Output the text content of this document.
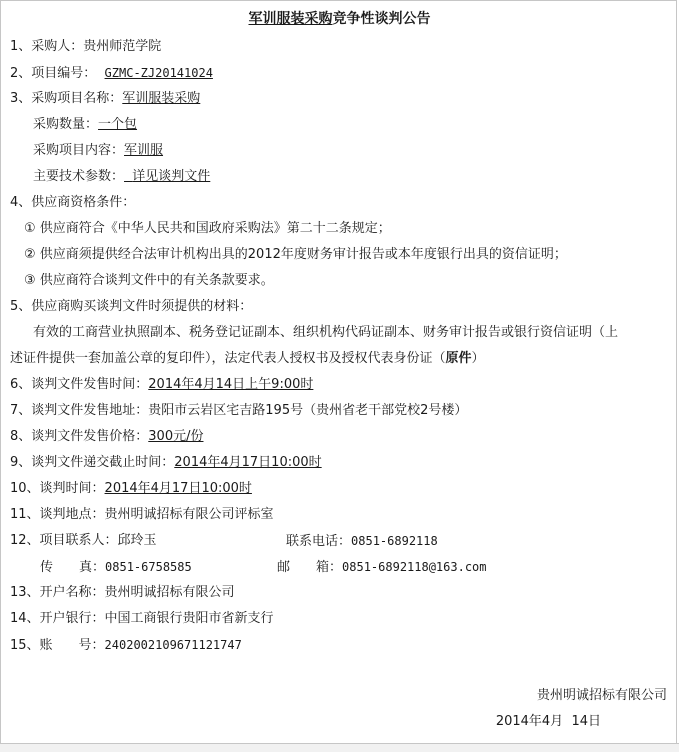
军训服装采购竞争性谈判公告
1、采购人：贵州师范学院
2、项目编号： GZMC-ZJ20141024
3、采购项目名称：军训服装采购
采购数量：一个包
采购项目内容：军训服
主要技术参数： 详见谈判文件
4、供应商资格条件：
① 供应商符合《中华人民共和国政府采购法》第二十二条规定；
② 供应商须提供经合法审计机构出具的2012年度财务审计报告或本年度银行出具的资信证明；
③ 供应商符合谈判文件中的有关条款要求。
5、供应商购买谈判文件时须提供的材料：
有效的工商营业执照副本、税务登记证副本、组织机构代码证副本、财务审计报告或银行资信证明（上
述证件提供一套加盖公章的复印件），法定代表人授权书及授权代表身份证（原件）
6、谈判文件发售时间：2014年4月14日上午9:00时
7、谈判文件发售地址：贵阳市云岩区宅吉路195号（贵州省老干部党校2号楼）
8、谈判文件发售价格：300元/份
9、谈判文件递交截止时间：2014年4月17日10:00时
10、谈判时间：2014年4月17日10:00时
11、谈判地点：贵州明诚招标有限公司评标室
12、项目联系人：邱玲玉	联系电话：0851-6892118
传　　真：0851-6758585	邮　　箱：0851-6892118@163.com
13、开户名称：贵州明诚招标有限公司
14、开户银行：中国工商银行贵阳市省新支行
15、账　　号：2402002109671121747
贵州明诚招标有限公司
2014年4月  14日
